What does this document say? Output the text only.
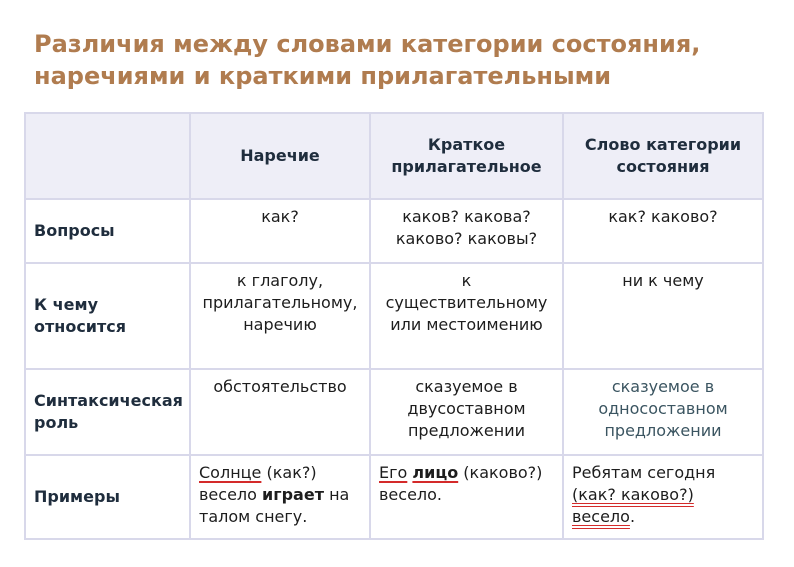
Различия между словами категории состояния, наречиями и краткими прилагательными
	Наречие	Краткое прилагательное	Слово категории состояния
Вопросы	как?	каков? какова? каково? каковы?	как? каково?
К чему относится	к глаголу, прилагательному, наречию	к существительному или местоимению	ни к чему
Синтаксическая роль	обстоятельство	сказуемое в двусоставном предложении	сказуемое в односоставном предложении
Примеры	Солнце (как?) весело играет на талом снегу.	Его лицо (каково?) весело.	Ребятам сегодня (как? каково?) весело.
